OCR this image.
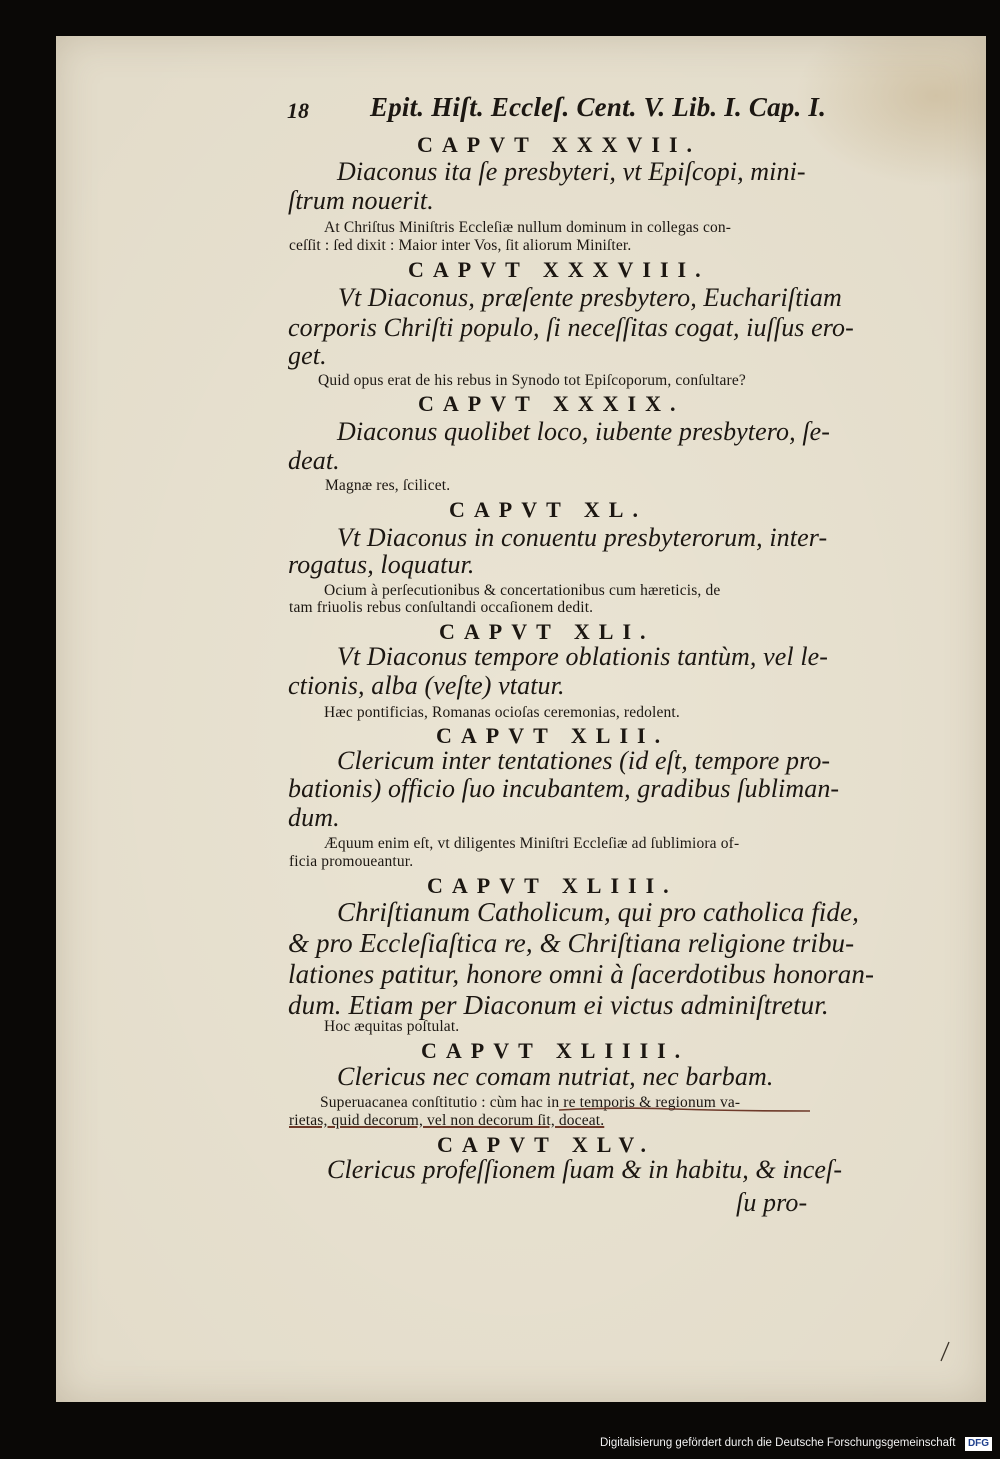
18 Epit. Hiſt. Eccleſ. Cent. V. Lib. I. Cap. I.
CAPVT XXXVII.
Diaconus ita ſe presbyteri, vt Epiſcopi, mini-
ſtrum nouerit.
At Chriſtus Miniſtris Eccleſiæ nullum dominum in collegas con-
ceſſit : ſed dixit : Maior inter Vos, ſit aliorum Miniſter.
CAPVT XXXVIII.
Vt Diaconus, præſente presbytero, Euchariſtiam
corporis Chriſti populo, ſi neceſſitas cogat, iuſſus ero-
get.
Quid opus erat de his rebus in Synodo tot Epiſcoporum, conſultare?
CAPVT XXXIX.
Diaconus quolibet loco, iubente presbytero, ſe-
deat.
Magnæ res, ſcilicet.
CAPVT XL.
Vt Diaconus in conuentu presbyterorum, inter-
rogatus, loquatur.
Ocium à perſecutionibus & concertationibus cum hæreticis, de
tam friuolis rebus conſultandi occaſionem dedit.
CAPVT XLI.
Vt Diaconus tempore oblationis tantùm, vel le-
ctionis, alba (veſte) vtatur.
Hæc pontificias, Romanas ocioſas ceremonias, redolent.
CAPVT XLII.
Clericum inter tentationes (id eſt, tempore pro-
bationis) officio ſuo incubantem, gradibus ſubliman-
dum.
Æquum enim eſt, vt diligentes Miniſtri Eccleſiæ ad ſublimiora of-
ficia promoueantur.
CAPVT XLIII.
Chriſtianum Catholicum, qui pro catholica fide,
& pro Eccleſiaſtica re, & Chriſtiana religione tribu-
lationes patitur, honore omni à ſacerdotibus honoran-
dum. Etiam per Diaconum ei victus adminiſtretur.
Hoc æquitas poſtulat.
CAPVT XLIIII.
Clericus nec comam nutriat, nec barbam.
Superuacanea conſtitutio : cùm hac in re temporis & regionum va-
rietas, quid decorum, vel non decorum ſit, doceat.
CAPVT XLV.
Clericus profeſſionem ſuam & in habitu, & inceſ-
ſu pro-
Digitalisierung gefördert durch die Deutsche Forschungsgemeinschaft	DFG
